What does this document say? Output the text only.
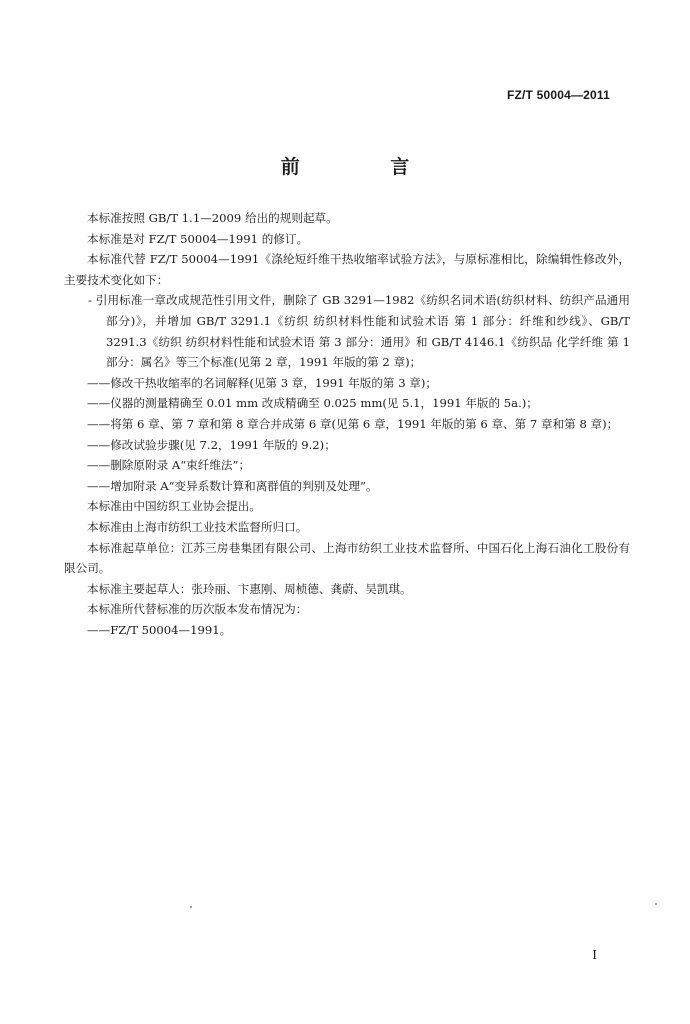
FZ/T 50004—2011
前 言

本标准按照 GB/T 1.1—2009 给出的规则起草。

本标准是对 FZ/T 50004—1991 的修订。

本标准代替 FZ/T 50004—1991《涤纶短纤维干热收缩率试验方法》，与原标准相比，除编辑性修改外，主要技术变化如下：

- 引用标准一章改成规范性引用文件，删除了 GB 3291—1982《纺织名词术语(纺织材料、纺织产品通用部分)》，并增加 GB/T 3291.1《纺织 纺织材料性能和试验术语 第 1 部分：纤维和纱线》、GB/T 3291.3《纺织 纺织材料性能和试验术语 第 3 部分：通用》和 GB/T 4146.1《纺织品 化学纤维 第 1 部分：属名》等三个标准(见第 2 章，1991 年版的第 2 章)；

——修改干热收缩率的名词解释(见第 3 章，1991 年版的第 3 章)；

——仪器的测量精确至 0.01 mm 改成精确至 0.025 mm(见 5.1，1991 年版的 5a.)；

——将第 6 章、第 7 章和第 8 章合并成第 6 章(见第 6 章，1991 年版的第 6 章、第 7 章和第 8 章)；

——修改试验步骤(见 7.2，1991 年版的 9.2)；

——删除原附录 A“束纤维法”；

——增加附录 A“变异系数计算和离群值的判别及处理”。

本标准由中国纺织工业协会提出。

本标准由上海市纺织工业技术监督所归口。

本标准起草单位：江苏三房巷集团有限公司、上海市纺织工业技术监督所、中国石化上海石油化工股份有限公司。

本标准主要起草人：张玲丽、卞惠刚、周桢德、龚蔚、吴凯琪。

本标准所代替标准的历次版本发布情况为：

——FZ/T 50004—1991。

I
